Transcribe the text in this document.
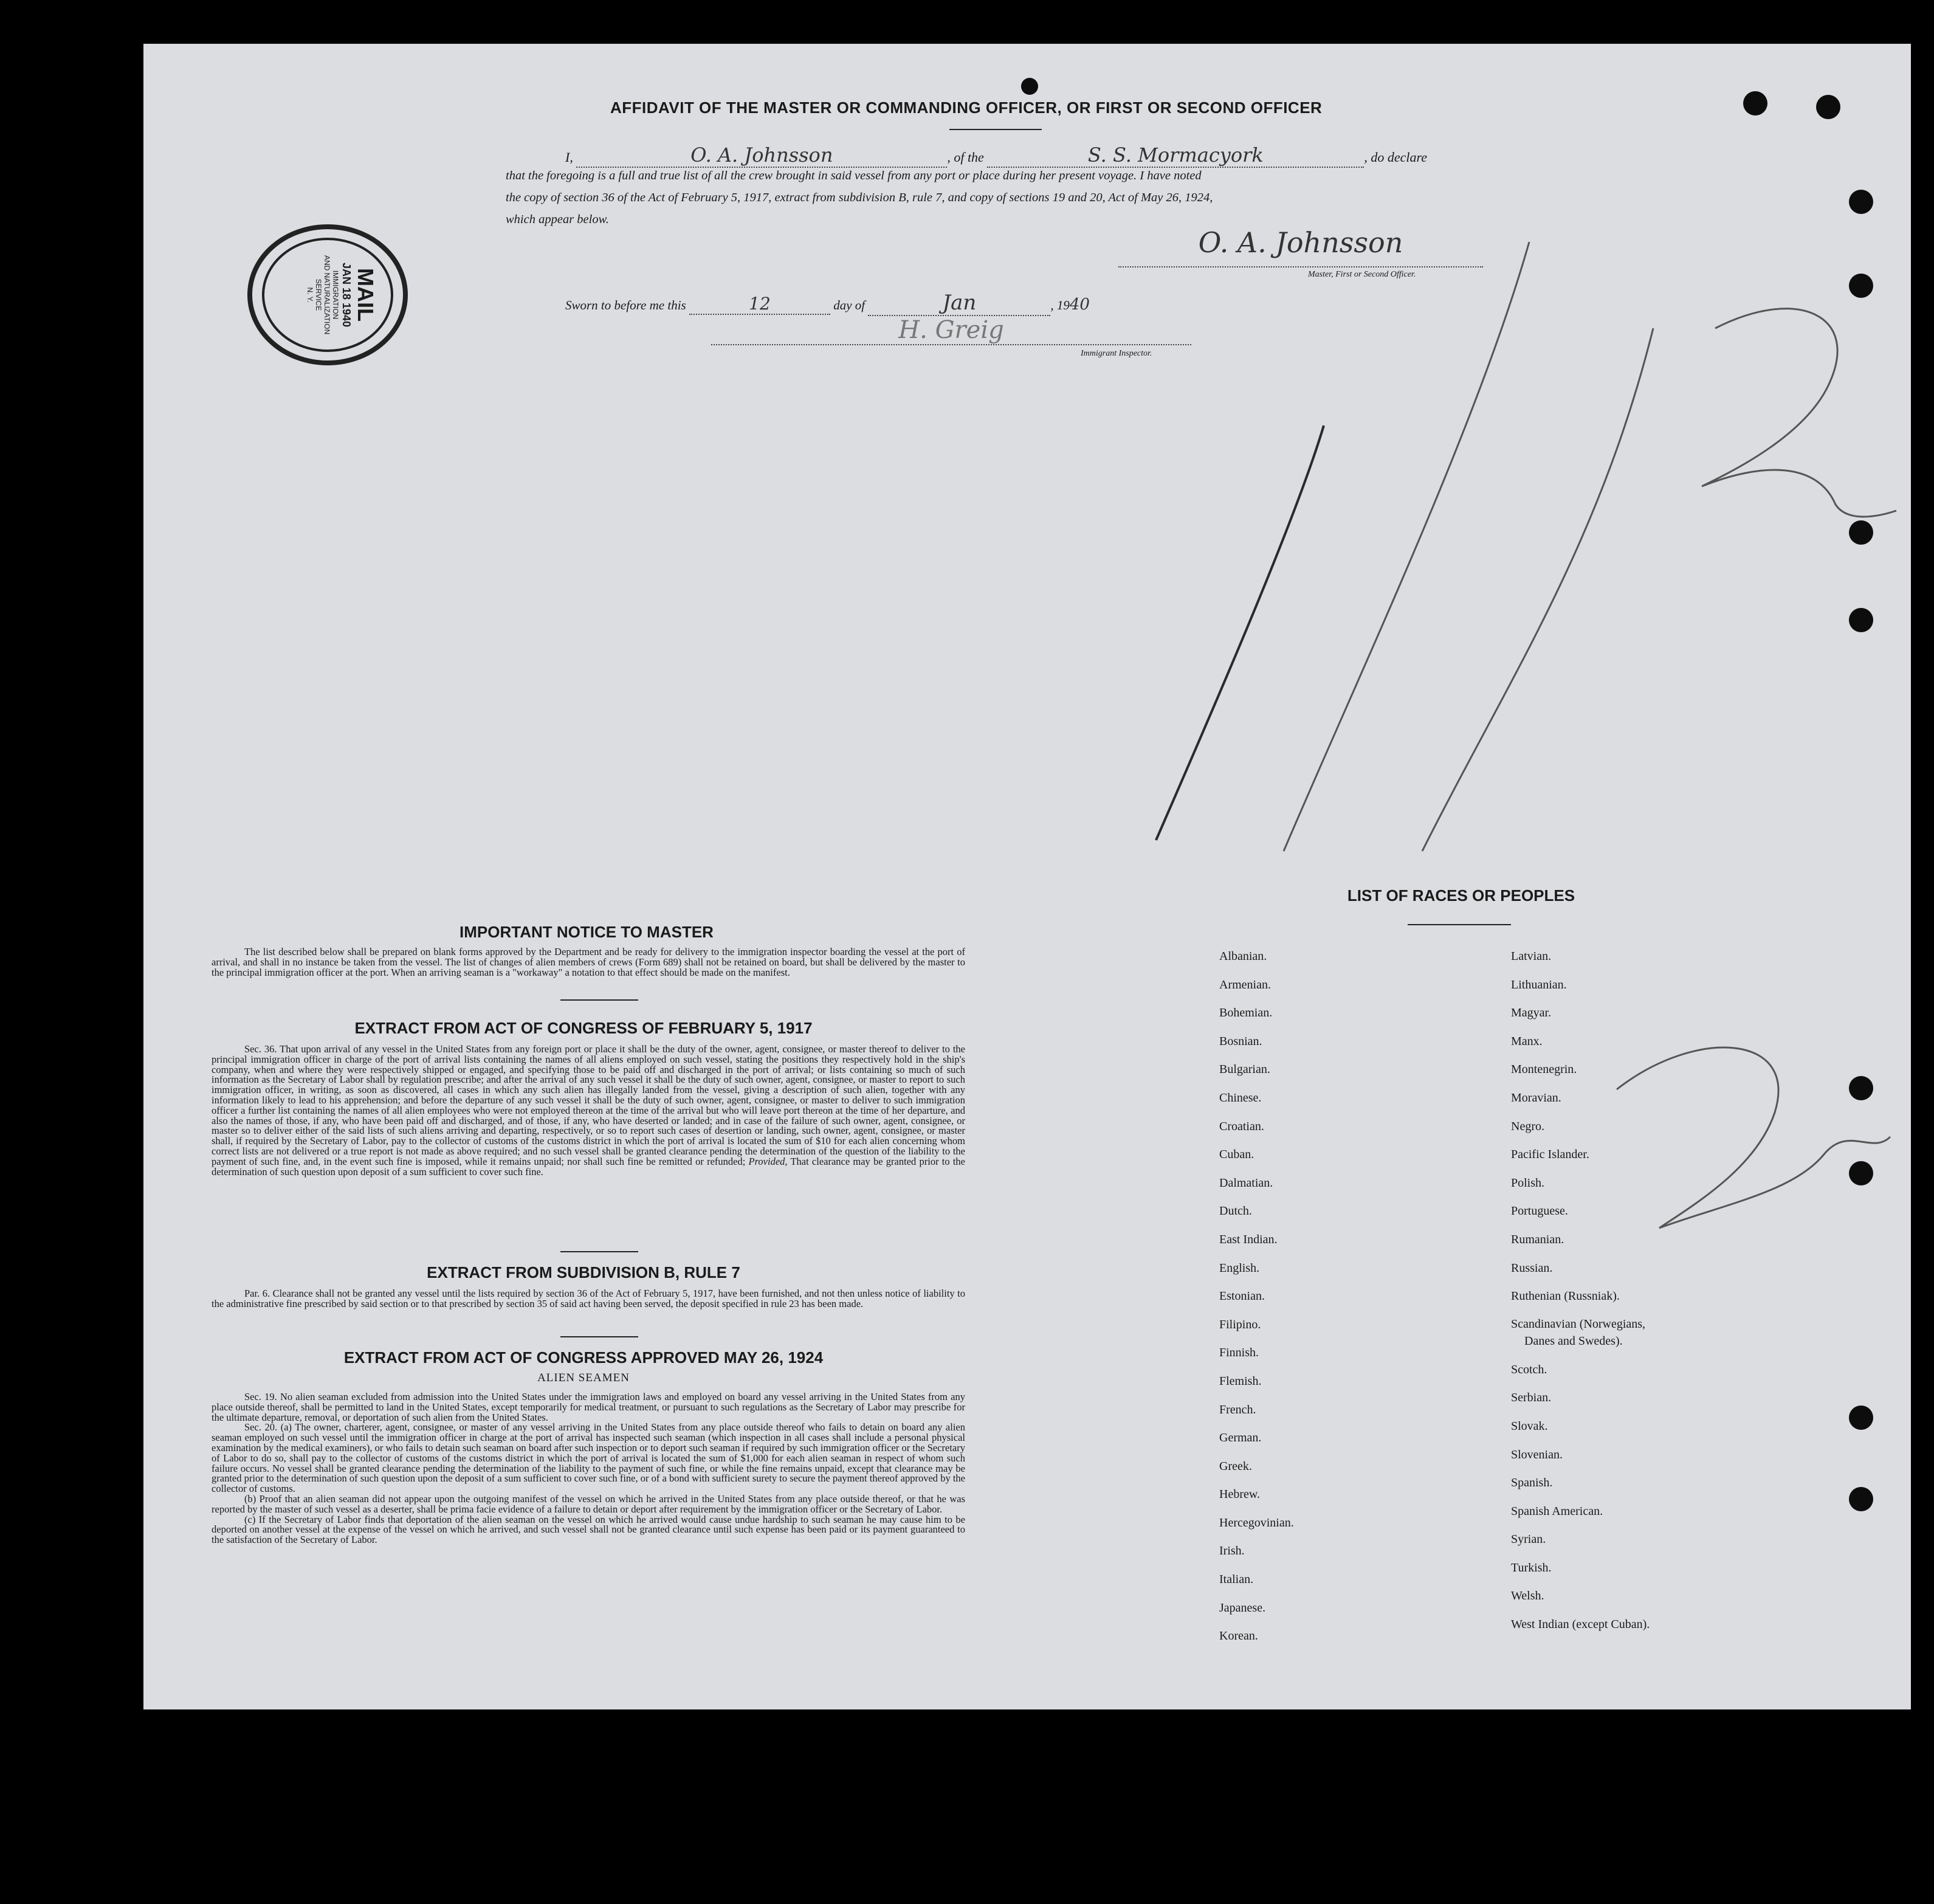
AFFIDAVIT OF THE MASTER OR COMMANDING OFFICER, OR FIRST OR SECOND OFFICER
I,	O. A. Johnsson	, of the	S. S. Mormacyork	, do declare
that the foregoing is a full and true list of all the crew brought in said vessel from any port or place during her present voyage. I have noted
the copy of section 36 of the Act of February 5, 1917, extract from subdivision B, rule 7, and copy of sections 19 and 20, Act of May 26, 1924,
which appear below.
O. A. Johnsson
Master, First or Second Officer.
Sworn to before me this	12	day of	Jan	, 1940
H. Greig
Immigrant Inspector.
MAIL
JAN 18 1940
IMMIGRATION
AND NATURALIZATION
SERVICE
N. Y.
IMPORTANT NOTICE TO MASTER

The list described below shall be prepared on blank forms approved by the Department and be ready for delivery to the immigration inspector boarding the vessel at the port of arrival, and shall in no instance be taken from the vessel. The list of changes of alien members of crews (Form 689) shall not be retained on board, but shall be delivered by the master to the principal immigration officer at the port. When an arriving seaman is a "workaway" a notation to that effect should be made on the manifest.

EXTRACT FROM ACT OF CONGRESS OF FEBRUARY 5, 1917

Sec. 36. That upon arrival of any vessel in the United States from any foreign port or place it shall be the duty of the owner, agent, consignee, or master thereof to deliver to the principal immigration officer in charge of the port of arrival lists containing the names of all aliens employed on such vessel, stating the positions they respectively hold in the ship's company, when and where they were respectively shipped or engaged, and specifying those to be paid off and discharged in the port of arrival; or lists containing so much of such information as the Secretary of Labor shall by regulation prescribe; and after the arrival of any such vessel it shall be the duty of such owner, agent, consignee, or master to report to such immigration officer, in writing, as soon as discovered, all cases in which any such alien has illegally landed from the vessel, giving a description of such alien, together with any information likely to lead to his apprehension; and before the departure of any such vessel it shall be the duty of such owner, agent, consignee, or master to deliver to such immigration officer a further list containing the names of all alien employees who were not employed thereon at the time of the arrival but who will leave port thereon at the time of her departure, and also the names of those, if any, who have been paid off and discharged, and of those, if any, who have deserted or landed; and in case of the failure of such owner, agent, consignee, or master so to deliver either of the said lists of such aliens arriving and departing, respectively, or so to report such cases of desertion or landing, such owner, agent, consignee, or master shall, if required by the Secretary of Labor, pay to the collector of customs of the customs district in which the port of arrival is located the sum of $10 for each alien concerning whom correct lists are not delivered or a true report is not made as above required; and no such vessel shall be granted clearance pending the determination of the question of the liability to the payment of such fine, and, in the event such fine is imposed, while it remains unpaid; nor shall such fine be remitted or refunded; Provided, That clearance may be granted prior to the determination of such question upon deposit of a sum sufficient to cover such fine.

EXTRACT FROM SUBDIVISION B, RULE 7

Par. 6. Clearance shall not be granted any vessel until the lists required by section 36 of the Act of February 5, 1917, have been furnished, and not then unless notice of liability to the administrative fine prescribed by said section or to that prescribed by section 35 of said act having been served, the deposit specified in rule 23 has been made.

EXTRACT FROM ACT OF CONGRESS APPROVED MAY 26, 1924
ALIEN SEAMEN

Sec. 19. No alien seaman excluded from admission into the United States under the immigration laws and employed on board any vessel arriving in the United States from any place outside thereof, shall be permitted to land in the United States, except temporarily for medical treatment, or pursuant to such regulations as the Secretary of Labor may prescribe for the ultimate departure, removal, or deportation of such alien from the United States.

Sec. 20. (a) The owner, charterer, agent, consignee, or master of any vessel arriving in the United States from any place outside thereof who fails to detain on board any alien seaman employed on such vessel until the immigration officer in charge at the port of arrival has inspected such seaman (which inspection in all cases shall include a personal physical examination by the medical examiners), or who fails to detain such seaman on board after such inspection or to deport such seaman if required by such immigration officer or the Secretary of Labor to do so, shall pay to the collector of customs of the customs district in which the port of arrival is located the sum of $1,000 for each alien seaman in respect of whom such failure occurs. No vessel shall be granted clearance pending the determination of the liability to the payment of such fine, or while the fine remains unpaid, except that clearance may be granted prior to the determination of such question upon the deposit of a sum sufficient to cover such fine, or of a bond with sufficient surety to secure the payment thereof approved by the collector of customs.

(b) Proof that an alien seaman did not appear upon the outgoing manifest of the vessel on which he arrived in the United States from any place outside thereof, or that he was reported by the master of such vessel as a deserter, shall be prima facie evidence of a failure to detain or deport after requirement by the immigration officer or the Secretary of Labor.

(c) If the Secretary of Labor finds that deportation of the alien seaman on the vessel on which he arrived would cause undue hardship to such seaman he may cause him to be deported on another vessel at the expense of the vessel on which he arrived, and such vessel shall not be granted clearance until such expense has been paid or its payment guaranteed to the satisfaction of the Secretary of Labor.

LIST OF RACES OR PEOPLES
Albanian.
Armenian.
Bohemian.
Bosnian.
Bulgarian.
Chinese.
Croatian.
Cuban.
Dalmatian.
Dutch.
East Indian.
English.
Estonian.
Filipino.
Finnish.
Flemish.
French.
German.
Greek.
Hebrew.
Hercegovinian.
Irish.
Italian.
Japanese.
Korean.
Latvian.
Lithuanian.
Magyar.
Manx.
Montenegrin.
Moravian.
Negro.
Pacific Islander.
Polish.
Portuguese.
Rumanian.
Russian.
Ruthenian (Russniak).
Scandinavian (Norwegians,
Danes and Swedes).
Scotch.
Serbian.
Slovak.
Slovenian.
Spanish.
Spanish American.
Syrian.
Turkish.
Welsh.
West Indian (except Cuban).
